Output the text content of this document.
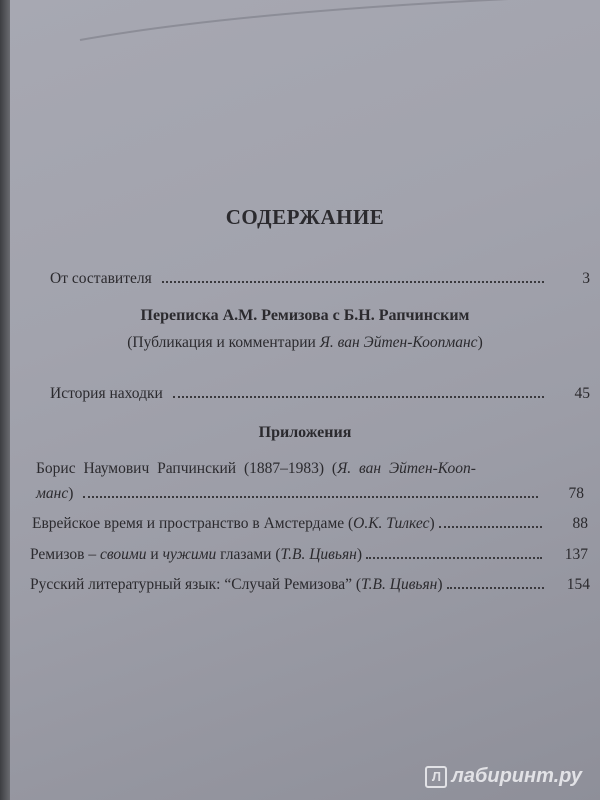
СОДЕРЖАНИЕ
От составителя	3
Переписка А.М. Ремизова с Б.Н. Рапчинским
(Публикация и комментарии Я. ван Эйтен-Коопманс)
История находки	45
Приложения
Борис Наумович Рапчинский (1887–1983) (Я. ван Эйтен-Кооп-
манс)	78
Еврейское время и пространство в Амстердаме (О.К. Тилкес)	88
Ремизов – своими и чужими глазами (Т.В. Цивьян)	137
Русский литературный язык: “Случай Ремизова” (Т.В. Цивьян)	154
Л лабиринт.ру
